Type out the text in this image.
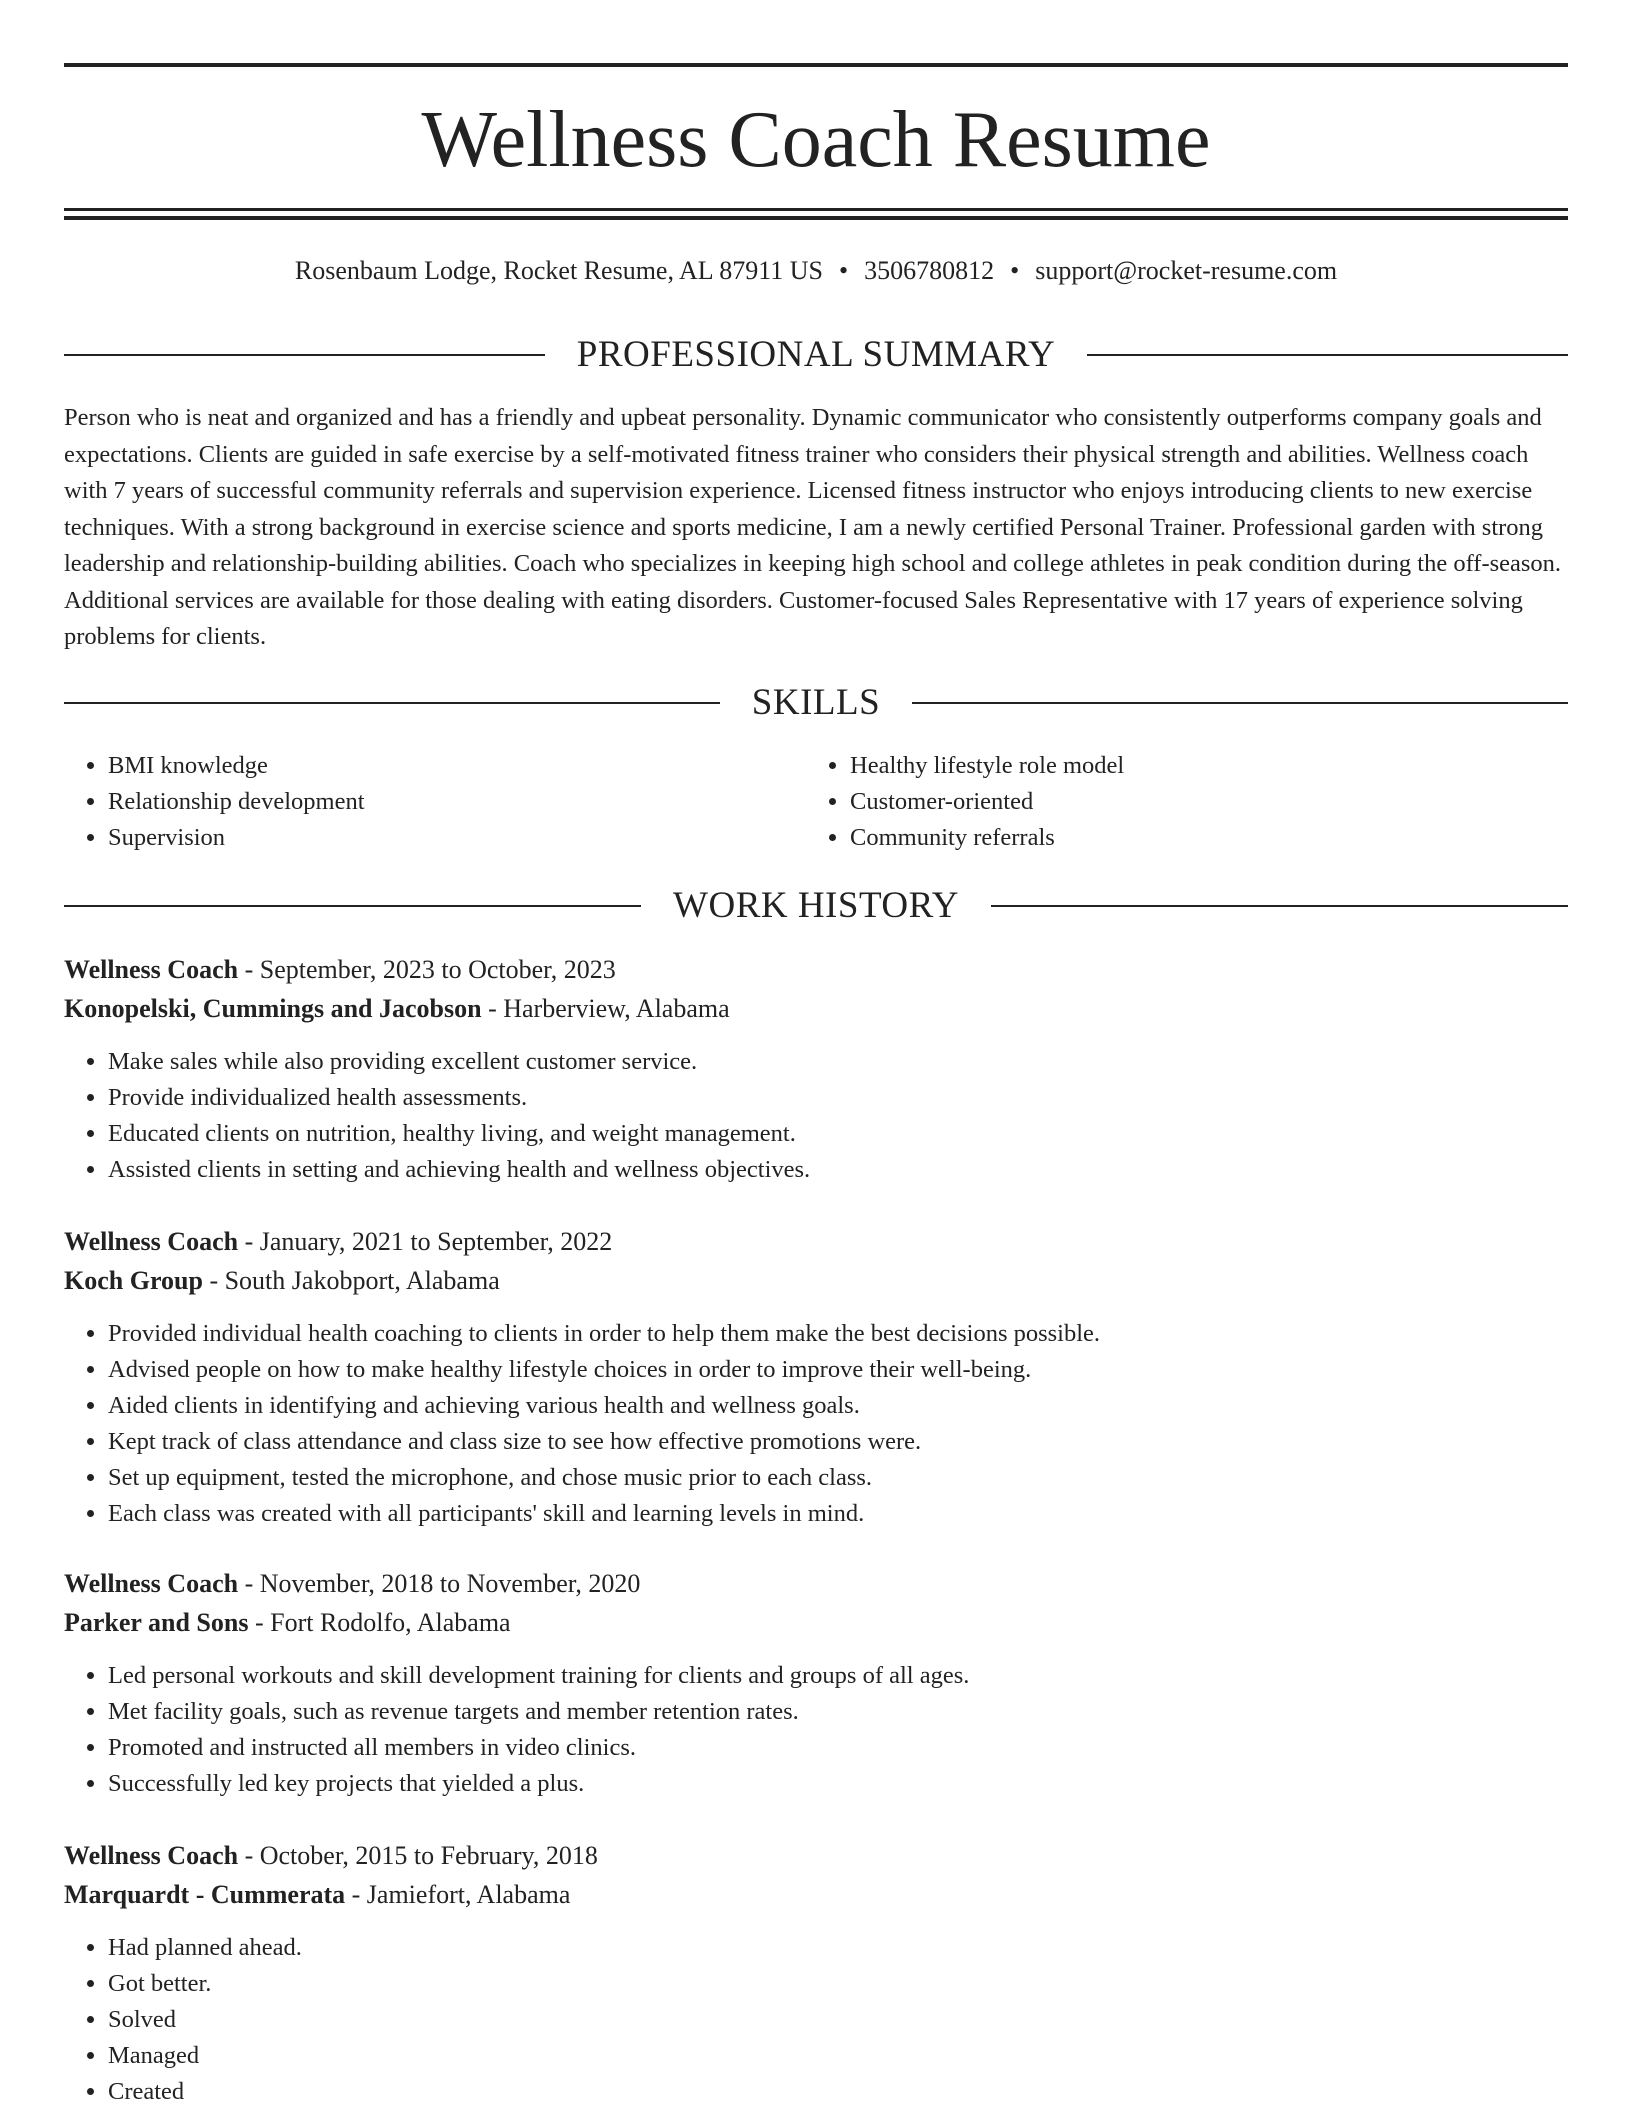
Wellness Coach Resume
Rosenbaum Lodge, Rocket Resume, AL 87911 US • 3506780812 • support@rocket-resume.com
PROFESSIONAL SUMMARY

Person who is neat and organized and has a friendly and upbeat personality. Dynamic communicator who consistently outperforms company goals and expectations. Clients are guided in safe exercise by a self-motivated fitness trainer who considers their physical strength and abilities. Wellness coach with 7 years of successful community referrals and supervision experience. Licensed fitness instructor who enjoys introducing clients to new exercise techniques. With a strong background in exercise science and sports medicine, I am a newly certified Personal Trainer. Professional garden with strong leadership and relationship-building abilities. Coach who specializes in keeping high school and college athletes in peak condition during the off-season. Additional services are available for those dealing with eating disorders. Customer-focused Sales Representative with 17 years of experience solving problems for clients.

SKILLS
• BMI knowledge
• Relationship development
• Supervision
• Healthy lifestyle role model
• Customer-oriented
• Community referrals
WORK HISTORY
Wellness Coach - September, 2023 to October, 2023
Konopelski, Cummings and Jacobson - Harberview, Alabama
• Make sales while also providing excellent customer service.
• Provide individualized health assessments.
• Educated clients on nutrition, healthy living, and weight management.
• Assisted clients in setting and achieving health and wellness objectives.
Wellness Coach - January, 2021 to September, 2022
Koch Group - South Jakobport, Alabama
• Provided individual health coaching to clients in order to help them make the best decisions possible.
• Advised people on how to make healthy lifestyle choices in order to improve their well-being.
• Aided clients in identifying and achieving various health and wellness goals.
• Kept track of class attendance and class size to see how effective promotions were.
• Set up equipment, tested the microphone, and chose music prior to each class.
• Each class was created with all participants' skill and learning levels in mind.
Wellness Coach - November, 2018 to November, 2020
Parker and Sons - Fort Rodolfo, Alabama
• Led personal workouts and skill development training for clients and groups of all ages.
• Met facility goals, such as revenue targets and member retention rates.
• Promoted and instructed all members in video clinics.
• Successfully led key projects that yielded a plus.
Wellness Coach - October, 2015 to February, 2018
Marquardt - Cummerata - Jamiefort, Alabama
• Had planned ahead.
• Got better.
• Solved
• Managed
• Created
